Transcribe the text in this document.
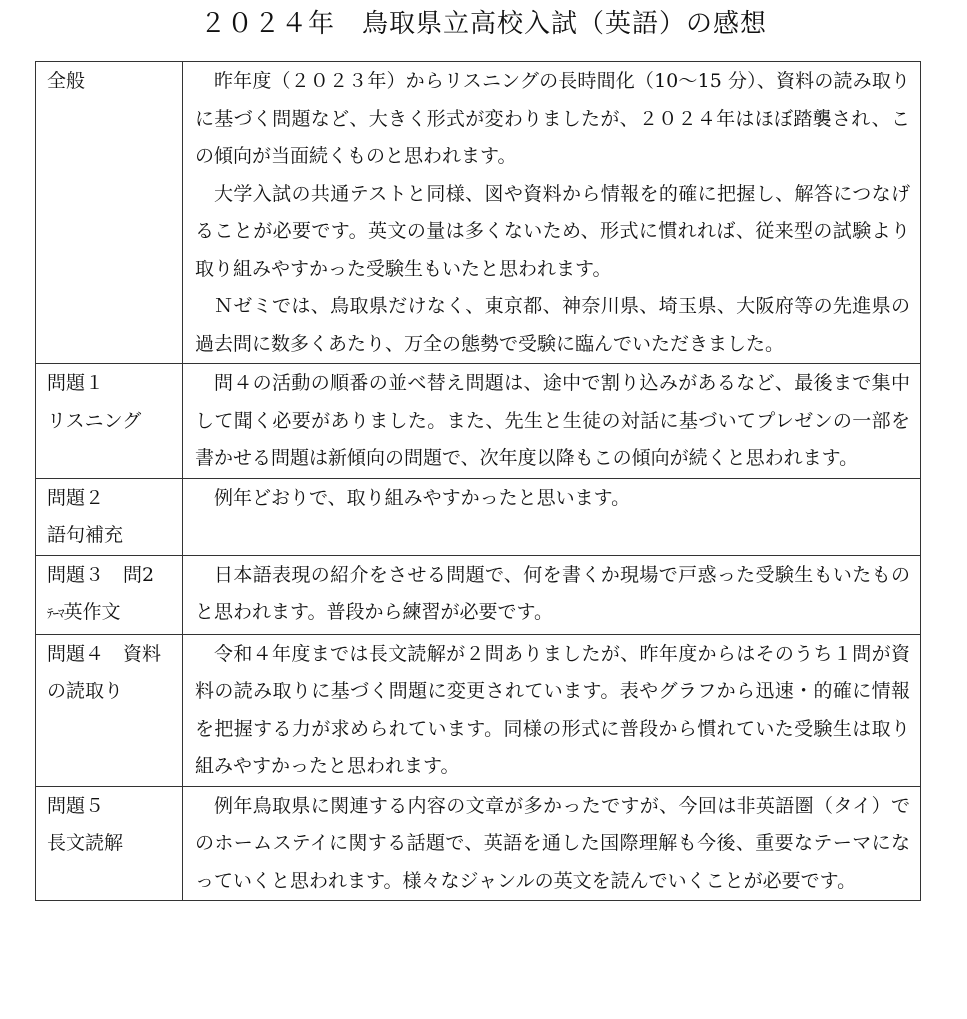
２０２４年　鳥取県立高校入試（英語）の感想
全般	昨年度（２０２３年）からリスニングの長時間化（10～15 分）、資料の読み取りに基づく問題など、大きく形式が変わりましたが、２０２４年はほぼ踏襲され、この傾向が当面続くものと思われます。

大学入試の共通テストと同様、図や資料から情報を的確に把握し、解答につなげることが必要です。英文の量は多くないため、形式に慣れれば、従来型の試験より取り組みやすかった受験生もいたと思われます。

Ｎゼミでは、鳥取県だけなく、東京都、神奈川県、埼玉県、大阪府等の先進県の過去問に数多くあたり、万全の態勢で受験に臨んでいただきました。

問題１
リスニング	問４の活動の順番の並べ替え問題は、途中で割り込みがあるなど、最後まで集中して聞く必要がありました。また、先生と生徒の対話に基づいてプレゼンの一部を書かせる問題は新傾向の問題で、次年度以降もこの傾向が続くと思われます。

問題２
語句補充	例年どおりで、取り組みやすかったと思います。

問題３　問2
ﾃｰﾏ英作文	日本語表現の紹介をさせる問題で、何を書くか現場で戸惑った受験生もいたものと思われます。普段から練習が必要です。

問題４　資料
の読取り	令和４年度までは長文読解が２問ありましたが、昨年度からはそのうち１問が資料の読み取りに基づく問題に変更されています。表やグラフから迅速・的確に情報を把握する力が求められています。同様の形式に普段から慣れていた受験生は取り組みやすかったと思われます。

問題５
長文読解	例年鳥取県に関連する内容の文章が多かったですが、今回は非英語圏（タイ）でのホームステイに関する話題で、英語を通した国際理解も今後、重要なテーマになっていくと思われます。様々なジャンルの英文を読んでいくことが必要です。
